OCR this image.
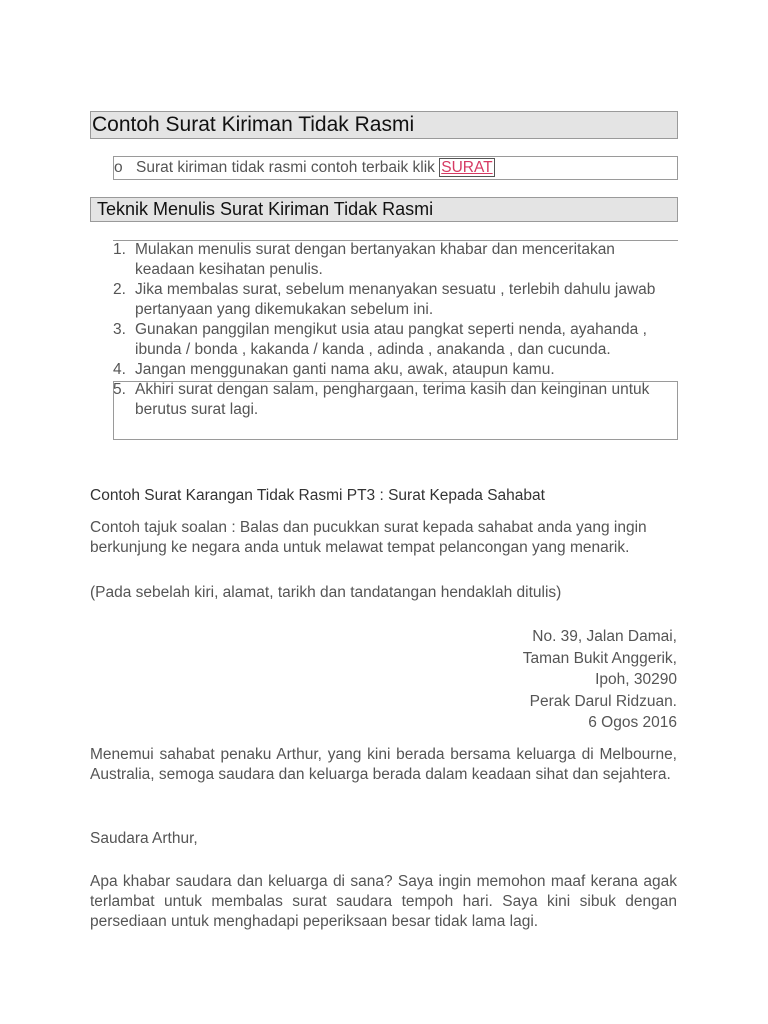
Contoh Surat Kiriman Tidak Rasmi
o Surat kiriman tidak rasmi contoh terbaik klik SURAT
Teknik Menulis Surat Kiriman Tidak Rasmi
1. Mulakan menulis surat dengan bertanyakan khabar dan menceritakan keadaan kesihatan penulis.
2. Jika membalas surat, sebelum menanyakan sesuatu , terlebih dahulu jawab pertanyaan yang dikemukakan sebelum ini.
3. Gunakan panggilan mengikut usia atau pangkat seperti nenda, ayahanda , ibunda / bonda , kakanda / kanda , adinda , anakanda , dan cucunda.
4. Jangan menggunakan ganti nama aku, awak, ataupun kamu.
5. Akhiri surat dengan salam, penghargaan, terima kasih dan keinginan untuk berutus surat lagi.
Contoh Surat Karangan Tidak Rasmi PT3 : Surat Kepada Sahabat
Contoh tajuk soalan : Balas dan pucukkan surat kepada sahabat anda yang ingin berkunjung ke negara anda untuk melawat tempat pelancongan yang menarik.
(Pada sebelah kiri, alamat, tarikh dan tandatangan hendaklah ditulis)
No. 39, Jalan Damai,
Taman Bukit Anggerik,
Ipoh, 30290
Perak Darul Ridzuan.
6 Ogos 2016
Menemui sahabat penaku Arthur, yang kini berada bersama keluarga di Melbourne, Australia, semoga saudara dan keluarga berada dalam keadaan sihat dan sejahtera.
Saudara Arthur,
Apa khabar saudara dan keluarga di sana? Saya ingin memohon maaf kerana agak terlambat untuk membalas surat saudara tempoh hari. Saya kini sibuk dengan persediaan untuk menghadapi peperiksaan besar tidak lama lagi.
